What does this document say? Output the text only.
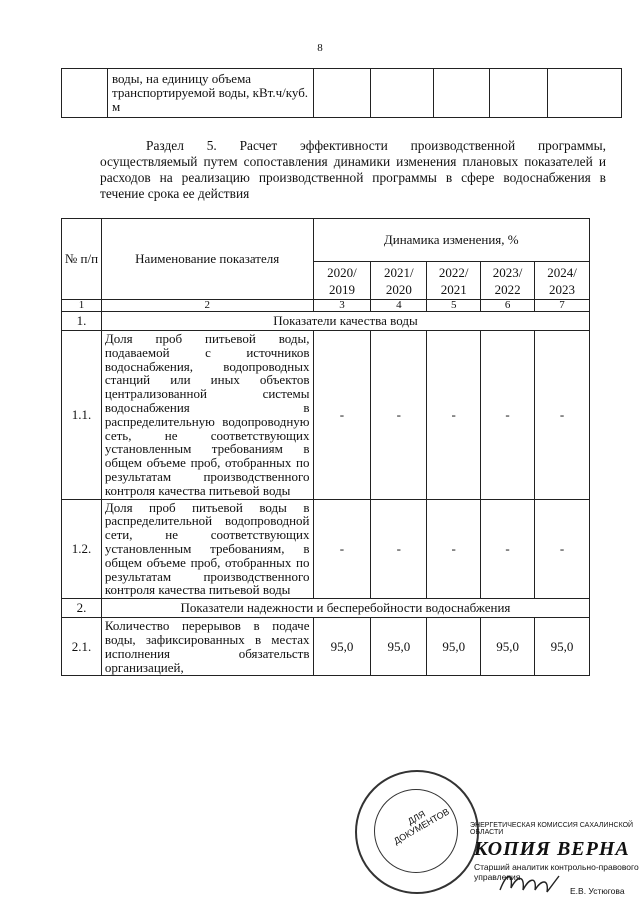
8

воды, на единицу объема транспортируемой воды, кВт.ч/куб. м

Раздел 5. Расчет эффективности производственной программы, осуществляемый путем сопоставления динамики изменения плановых показателей и расходов на реализацию производственной программы в сфере водоснабжения в течение срока ее действия
№ п/п	Наименование показателя	Динамика изменения, %				
		2020/ 2019	2021/ 2020	2022/ 2021	2023/ 2022	2024/ 2023
1	2	3	4	5	6	7
1.	Показатели качества воды					
1.1.	Доля проб питьевой воды, подаваемой с источников водоснабжения, водопроводных станций или иных объектов централизованной системы водоснабжения в распределительную водопроводную сеть, не соответствующих установленным требованиям в общем объеме проб, отобранных по результатам производственного контроля качества питьевой воды	-	-	-	-	-
1.2.	Доля проб питьевой воды в распределительной водопроводной сети, не соответствующих установленным требованиям, в общем объеме проб, отобранных по результатам производственного контроля качества питьевой воды	-	-	-	-	-
2.	Показатели надежности и бесперебойности водоснабжения					
2.1.	Количество перерывов в подаче воды, зафиксированных в местах исполнения обязательств организацией,	95,0	95,0	95,0	95,0	95,0
ДЛЯ ДОКУМЕНТОВ	ЭНЕРГЕТИЧЕСКАЯ КОМИССИЯ САХАЛИНСКОЙ ОБЛАСТИ
КОПИЯ ВЕРНА
Старший аналитик контрольно-правового управления
Е.В. Устюгова
